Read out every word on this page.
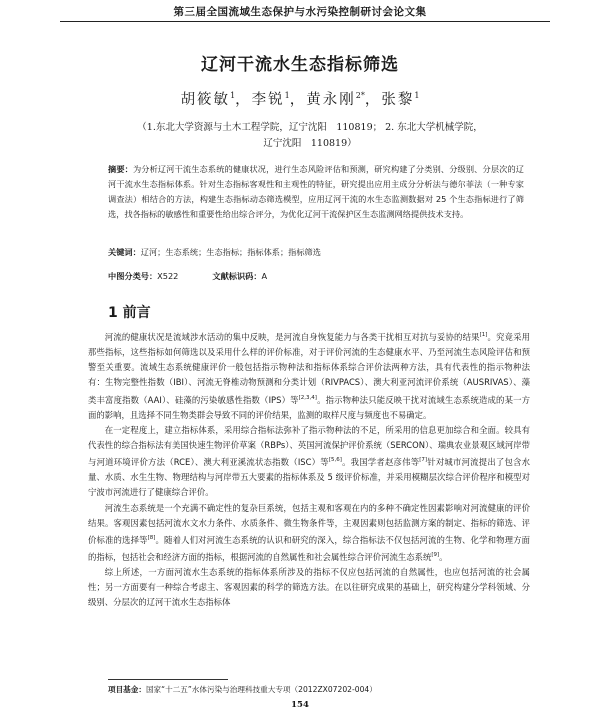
第三届全国流域生态保护与水污染控制研讨会论文集
辽河干流水生态指标筛选
胡筱敏$^1$，李锐$^1$，黄永刚$^{2*}$，张黎$^1$
（1.东北大学资源与土木工程学院，辽宁沈阳　110819； 2. 东北大学机械学院，
辽宁沈阳　110819）
摘要：为分析辽河干流生态系统的健康状况，进行生态风险评估和预测，研究构建了分类别、分级别、分层次的辽河干流水生态指标体系。针对生态指标客观性和主观性的特征，研究提出应用主成分分析法与德尔菲法（一种专家调查法）相结合的方法，构建生态指标动态筛选模型，应用辽河干流的水生态监测数据对 25 个生态指标进行了筛选，找各指标的敏感性和重要性给出综合评分，为优化辽河干流保护区生态监测网络提供技术支持。
关键词：辽河；生态系统；生态指标；指标体系；指标筛选
中图分类号：X522	文献标识码：A
1 前言

河流的健康状况是流域涉水活动的集中反映，是河流自身恢复能力与各类干扰相互对抗与妥协的结果[1]。究竟采用那些指标，这些指标如何筛选以及采用什么样的评价标准，对于评价河流的生态健康水平、乃至河流生态风险评估和预警至关重要。流域生态系统健康评价一般包括指示物种法和指标体系综合评价法两种方法，具有代表性的指示物种法有：生物完整性指数（IBI）、河流无脊椎动物预测和分类计划（RIVPACS）、澳大利亚河流评价系统（AUSRIVAS）、藻类丰富度指数（AAI）、硅藻的污染敏感性指数（IPS）等[2,3,4]。指示物种法只能反映干扰对流域生态系统造成的某一方面的影响，且选择不同生物类群会导致不同的评价结果，监测的取样尺度与频度也不易确定。

在一定程度上，建立指标体系，采用综合指标法弥补了指示物种法的不足，所采用的信息更加综合和全面。较具有代表性的综合指标法有美国快速生物评价草案（RBPs）、英国河流保护评价系统（SERCON）、瑞典农业景观区域河岸带与河道环境评价方法（RCE）、澳大利亚溪流状态指数（ISC）等[5,6]。我国学者赵彦伟等[7]针对城市河流提出了包含水量、水质、水生生物、物理结构与河岸带五大要素的指标体系及 5 级评价标准，并采用模糊层次综合评价程序和模型对宁波市河流进行了健康综合评价。

河流生态系统是一个充满不确定性的复杂巨系统，包括主观和客观在内的多种不确定性因素影响对河流健康的评价结果。客观因素包括河流水文水力条件、水质条件、微生物条件等，主观因素则包括监测方案的制定、指标的筛选、评价标准的选择等[8]。随着人们对河流生态系统的认识和研究的深入，综合指标法不仅包括河流的生物、化学和物理方面的指标，包括社会和经济方面的指标，根据河流的自然属性和社会属性综合评价河流生态系统[9]。

综上所述，一方面河流水生态系统的指标体系所涉及的指标不仅应包括河流的自然属性，也应包括河流的社会属性；另一方面要有一种综合考虑主、客观因素的科学的筛选方法。在以往研究成果的基础上，研究构建分学科领域、分级别、分层次的辽河干流水生态指标体

项目基金：国家“十二五”水体污染与治理科技重大专项（2012ZX07202-004）
154
